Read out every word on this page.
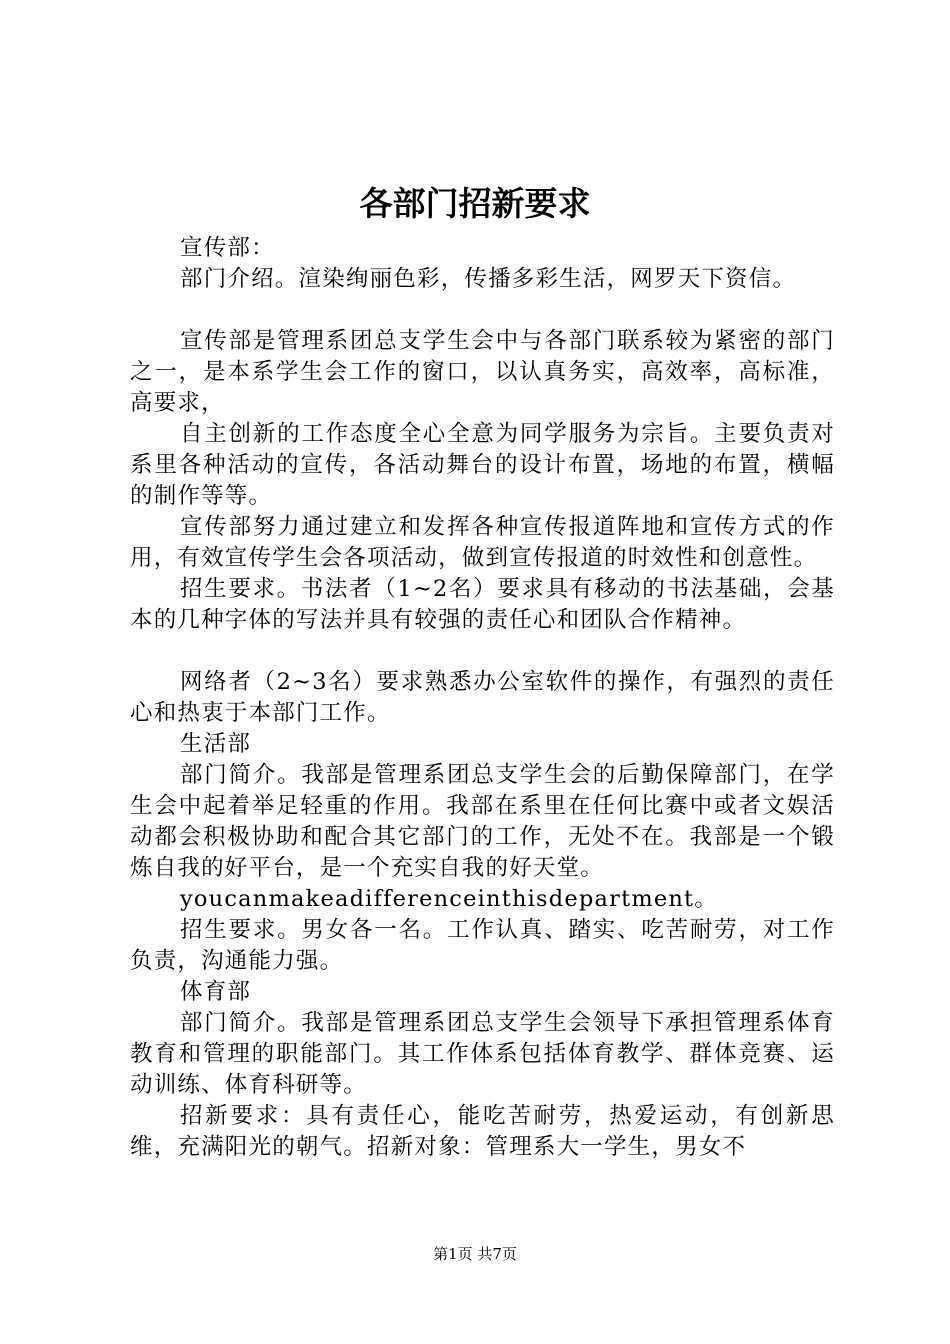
各部门招新要求

宣传部：

部门介绍。渲染绚丽色彩，传播多彩生活，网罗天下资信。

宣传部是管理系团总支学生会中与各部门联系较为紧密的部门之一，是本系学生会工作的窗口，以认真务实，高效率，高标准，高要求，

自主创新的工作态度全心全意为同学服务为宗旨。主要负责对系里各种活动的宣传，各活动舞台的设计布置，场地的布置，横幅的制作等等。

宣传部努力通过建立和发挥各种宣传报道阵地和宣传方式的作用，有效宣传学生会各项活动，做到宣传报道的时效性和创意性。

招生要求。书法者（1~2名）要求具有移动的书法基础，会基本的几种字体的写法并具有较强的责任心和团队合作精神。

网络者（2~3名）要求熟悉办公室软件的操作，有强烈的责任心和热衷于本部门工作。

生活部

部门简介。我部是管理系团总支学生会的后勤保障部门，在学生会中起着举足轻重的作用。我部在系里在任何比赛中或者文娱活动都会积极协助和配合其它部门的工作，无处不在。我部是一个锻炼自我的好平台，是一个充实自我的好天堂。

youcanmakeadifferenceinthisdepartment。

招生要求。男女各一名。工作认真、踏实、吃苦耐劳，对工作负责，沟通能力强。

体育部

部门简介。我部是管理系团总支学生会领导下承担管理系体育教育和管理的职能部门。其工作体系包括体育教学、群体竞赛、运动训练、体育科研等。

招新要求：具有责任心，能吃苦耐劳，热爱运动，有创新思维，充满阳光的朝气。招新对象：管理系大一学生，男女不

第1页 共7页
